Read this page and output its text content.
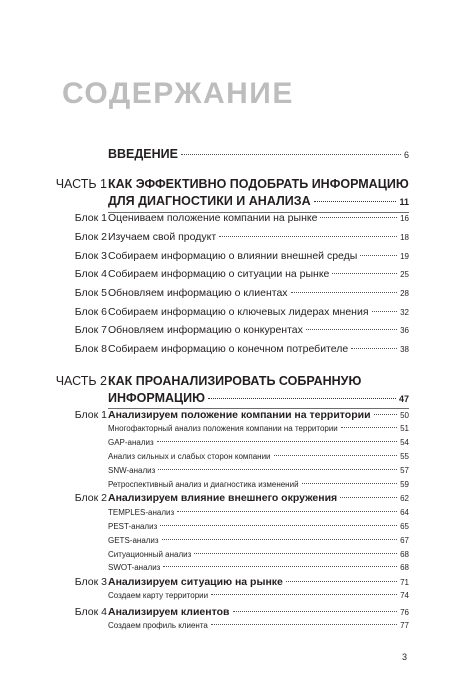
СОДЕРЖАНИЕ
ВВЕДЕНИЕ	6
ЧАСТЬ 1 КАК ЭФФЕКТИВНО ПОДОБРАТЬ ИНФОРМАЦИЮ
ДЛЯ ДИАГНОСТИКИ И АНАЛИЗА	11
Блок 1 Оцениваем положение компании на рынке	16
Блок 2 Изучаем свой продукт	18
Блок 3 Собираем информацию о влиянии внешней среды	19
Блок 4 Собираем информацию о ситуации на рынке	25
Блок 5 Обновляем информацию о клиентах	28
Блок 6 Собираем информацию о ключевых лидерах мнения	32
Блок 7 Обновляем информацию о конкурентах	36
Блок 8 Собираем информацию о конечном потребителе	38
ЧАСТЬ 2 КАК ПРОАНАЛИЗИРОВАТЬ СОБРАННУЮ
ИНФОРМАЦИЮ	47
Блок 1 Анализируем положение компании на территории	50
Многофакторный анализ положения компании на территории	51
GAP-анализ	54
Анализ сильных и слабых сторон компании	55
SNW-анализ	57
Ретроспективный анализ и диагностика изменений	59
Блок 2 Анализируем влияние внешнего окружения	62
TEMPLES-анализ	64
PEST-анализ	65
GETS-анализ	67
Ситуационный анализ	68
SWOT-анализ	68
Блок 3 Анализируем ситуацию на рынке	71
Создаем карту территории	74
Блок 4 Анализируем клиентов	76
Создаем профиль клиента	77
3
